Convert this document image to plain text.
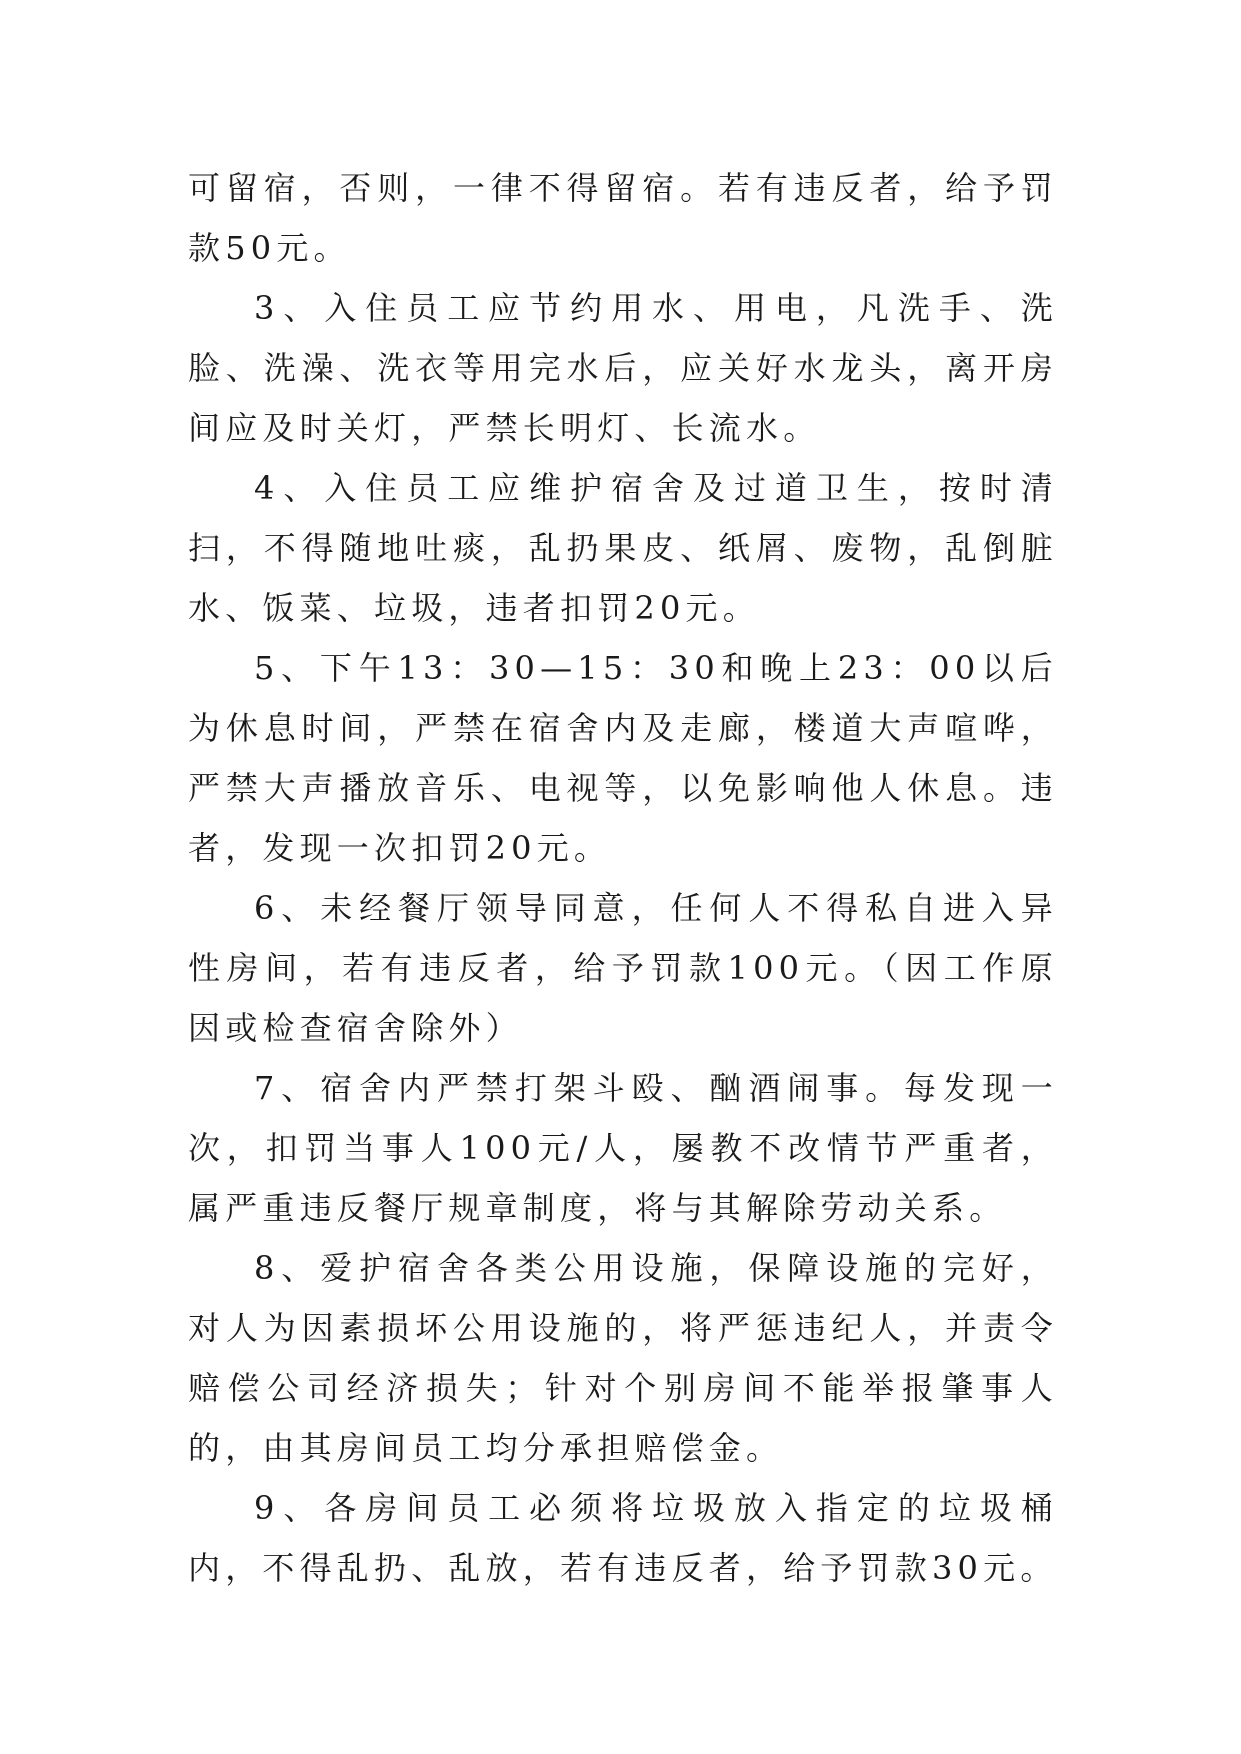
可留宿，否则，一律不得留宿。若有违反者，给予罚款50元。

3、入住员工应节约用水、用电，凡洗手、洗脸、洗澡、洗衣等用完水后，应关好水龙头，离开房间应及时关灯，严禁长明灯、长流水。

4、入住员工应维护宿舍及过道卫生，按时清扫，不得随地吐痰，乱扔果皮、纸屑、废物，乱倒脏水、饭菜、垃圾，违者扣罚20元。

5、下午13：30—15：30和晚上23：00以后为休息时间，严禁在宿舍内及走廊，楼道大声喧哗，严禁大声播放音乐、电视等，以免影响他人休息。违者，发现一次扣罚20元。

6、未经餐厅领导同意，任何人不得私自进入异性房间，若有违反者，给予罚款100元。（因工作原因或检查宿舍除外）

7、宿舍内严禁打架斗殴、酗酒闹事。每发现一次，扣罚当事人100元/人，屡教不改情节严重者，属严重违反餐厅规章制度，将与其解除劳动关系。

8、爱护宿舍各类公用设施，保障设施的完好，对人为因素损坏公用设施的，将严惩违纪人，并责令赔偿公司经济损失；针对个别房间不能举报肇事人的，由其房间员工均分承担赔偿金。

9、各房间员工必须将垃圾放入指定的垃圾桶内，不得乱扔、乱放，若有违反者，给予罚款30元。
